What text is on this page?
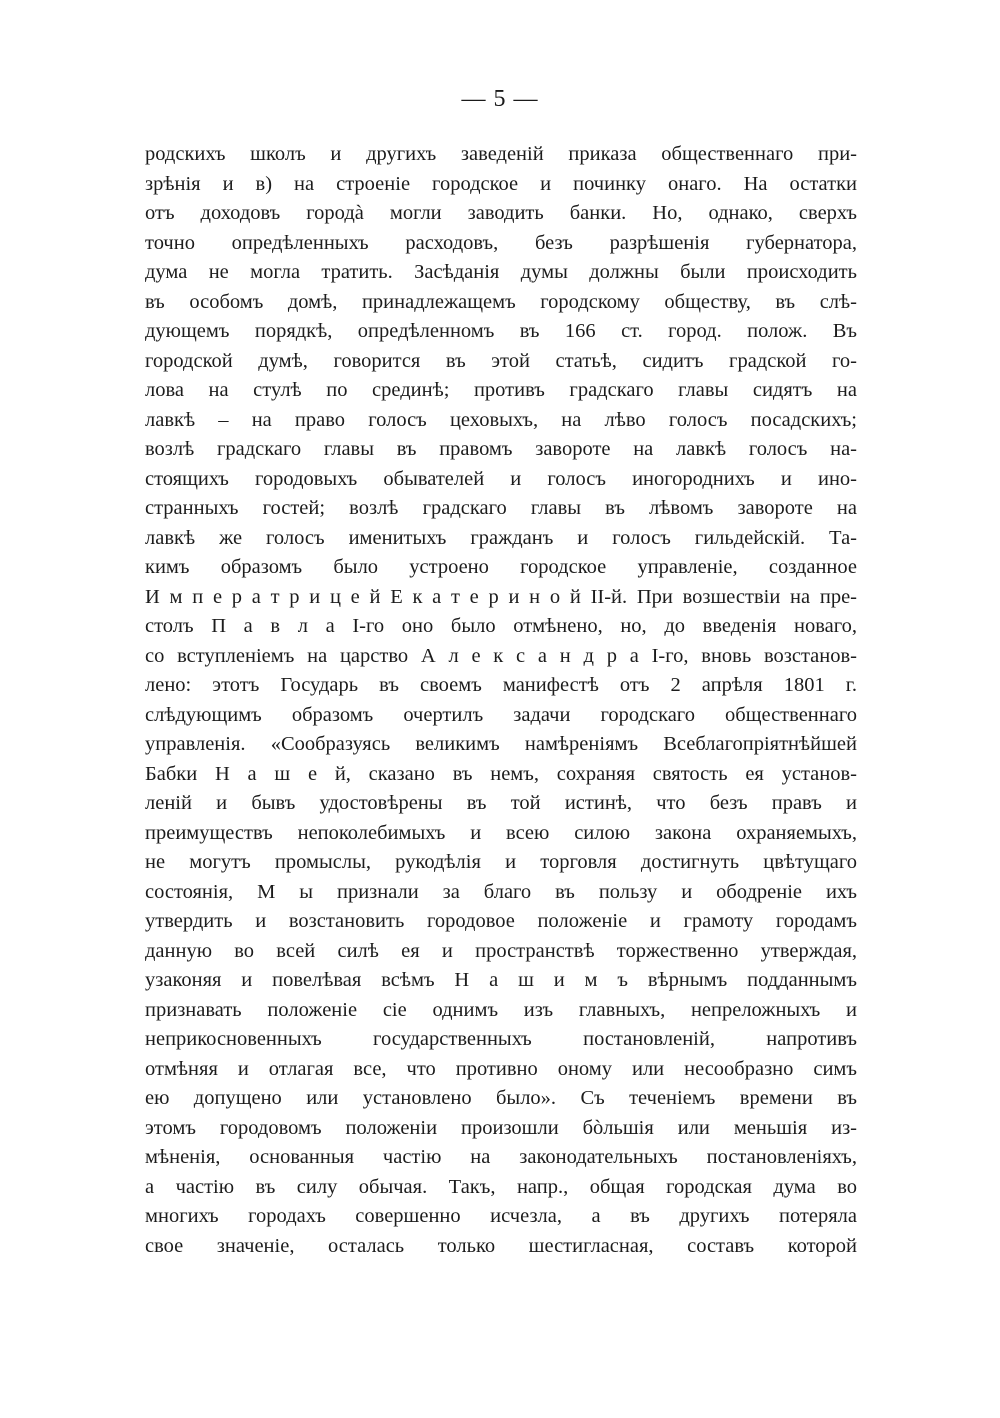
— 5 —
родскихъ школъ и другихъ заведеній приказа общественнаго при-
зрѣнія и в) на строеніе городское и починку онаго. На остатки
отъ доходовъ городà могли заводить банки. Но, однако, сверхъ
точно опредѣленныхъ расходовъ, безъ разрѣшенія губернатора,
дума не могла тратить. Засѣданія думы должны были происходить
въ особомъ домѣ, принадлежащемъ городскому обществу, въ слѣ-
дующемъ порядкѣ, опредѣленномъ въ 166 ст. город. полож. Въ
городской думѣ, говорится въ этой статьѣ, сидитъ градской го-
лова на стулѣ по срединѣ; противъ градскаго главы сидятъ на
лавкѣ – на право голосъ цеховыхъ, на лѣво голосъ посадскихъ;
возлѣ градскаго главы въ правомъ завороте на лавкѣ голосъ на-
стоящихъ городовыхъ обывателей и голосъ иногороднихъ и ино-
странныхъ гостей; возлѣ градскаго главы въ лѣвомъ завороте на
лавкѣ же голосъ именитыхъ гражданъ и голосъ гильдейскій. Та-
кимъ образомъ было устроено городское управленіе, созданное
И м п е р а т р и ц е й Е к а т е р и н о й II-й. При возшествіи на пре-
столъ П а в л а I-го оно было отмѣнено, но, до введенія новаго,
со вступленіемъ на царство А л е к с а н д р а I-го, вновь возстанов-
лено: этотъ Государь въ своемъ манифестѣ отъ 2 апрѣля 1801 г.
слѣдующимъ образомъ очертилъ задачи городскаго общественнаго
управленія. «Сообразуясь великимъ намѣреніямъ Всеблагопріятнѣйшей
Бабки Н а ш е й, сказано въ немъ, сохраняя святость ея установ-
леній и бывъ удостовѣрены въ той истинѣ, что безъ правъ и
преимуществъ непоколебимыхъ и всею силою закона охраняемыхъ,
не могутъ промыслы, рукодѣлія и торговля достигнуть цвѣтущаго
состоянія, М ы признали за благо въ пользу и ободреніе ихъ
утвердить и возстановить городовое положеніе и грамоту городамъ
данную во всей силѣ ея и пространствѣ торжественно утверждая,
узаконяя и повелѣвая всѣмъ Н а ш и м ъ вѣрнымъ подданнымъ
признавать положеніе сіе однимъ изъ главныхъ, непреложныхъ и
неприкосновенныхъ государственныхъ постановленій, напротивъ
отмѣняя и отлагая все, что противно оному или несообразно симъ
ею допущено или установлено было». Съ теченіемъ времени въ
этомъ городовомъ положеніи произошли бòльшія или меньшія из-
мѣненія, основанныя частію на законодательныхъ постановленіяхъ,
а частію въ силу обычая. Такъ, напр., общая городская дума во
многихъ городахъ совершенно исчезла, а въ другихъ потеряла
свое значеніе, осталась только шестигласная, составъ которой
